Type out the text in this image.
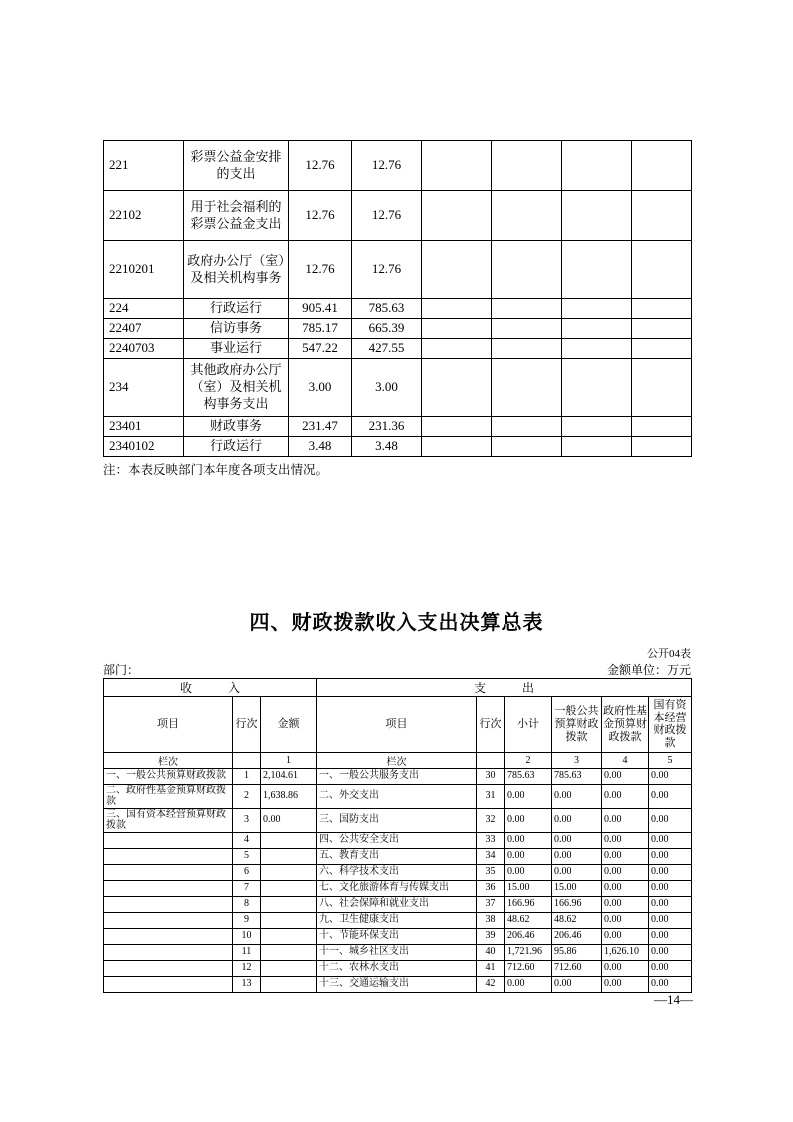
221	彩票公益金安排的支出	12.76	12.76				
22102	用于社会福利的彩票公益金支出	12.76	12.76				
2210201	政府办公厅（室）及相关机构事务	12.76	12.76				
224	行政运行	905.41	785.63				
22407	信访事务	785.17	665.39				
2240703	事业运行	547.22	427.55				
234	其他政府办公厅（室）及相关机构事务支出	3.00	3.00				
23401	财政事务	231.47	231.36				
2340102	行政运行	3.48	3.48				
注：本表反映部门本年度各项支出情况。
四、财政拨款收入支出决算总表
公开04表
部门：	金额单位：万元
收　　　入			支　　　出					
项目	行次	金额	项目	行次	小计	一般公共预算财政拨款	政府性基金预算财政拨款	国有资本经营财政拨款
栏次		1	栏次		2	3	4	5
一、一般公共预算财政拨款	1	2,104.61	一、一般公共服务支出	30	785.63	785.63	0.00	0.00
二、政府性基金预算财政拨款	2	1,638.86	二、外交支出	31	0.00	0.00	0.00	0.00
三、国有资本经营预算财政拨款	3	0.00	三、国防支出	32	0.00	0.00	0.00	0.00
	4		四、公共安全支出	33	0.00	0.00	0.00	0.00
	5		五、教育支出	34	0.00	0.00	0.00	0.00
	6		六、科学技术支出	35	0.00	0.00	0.00	0.00
	7		七、文化旅游体育与传媒支出	36	15.00	15.00	0.00	0.00
	8		八、社会保障和就业支出	37	166.96	166.96	0.00	0.00
	9		九、卫生健康支出	38	48.62	48.62	0.00	0.00
	10		十、节能环保支出	39	206.46	206.46	0.00	0.00
	11		十一、城乡社区支出	40	1,721.96	95.86	1,626.10	0.00
	12		十二、农林水支出	41	712.60	712.60	0.00	0.00
	13		十三、交通运输支出	42	0.00	0.00	0.00	0.00
—14—
